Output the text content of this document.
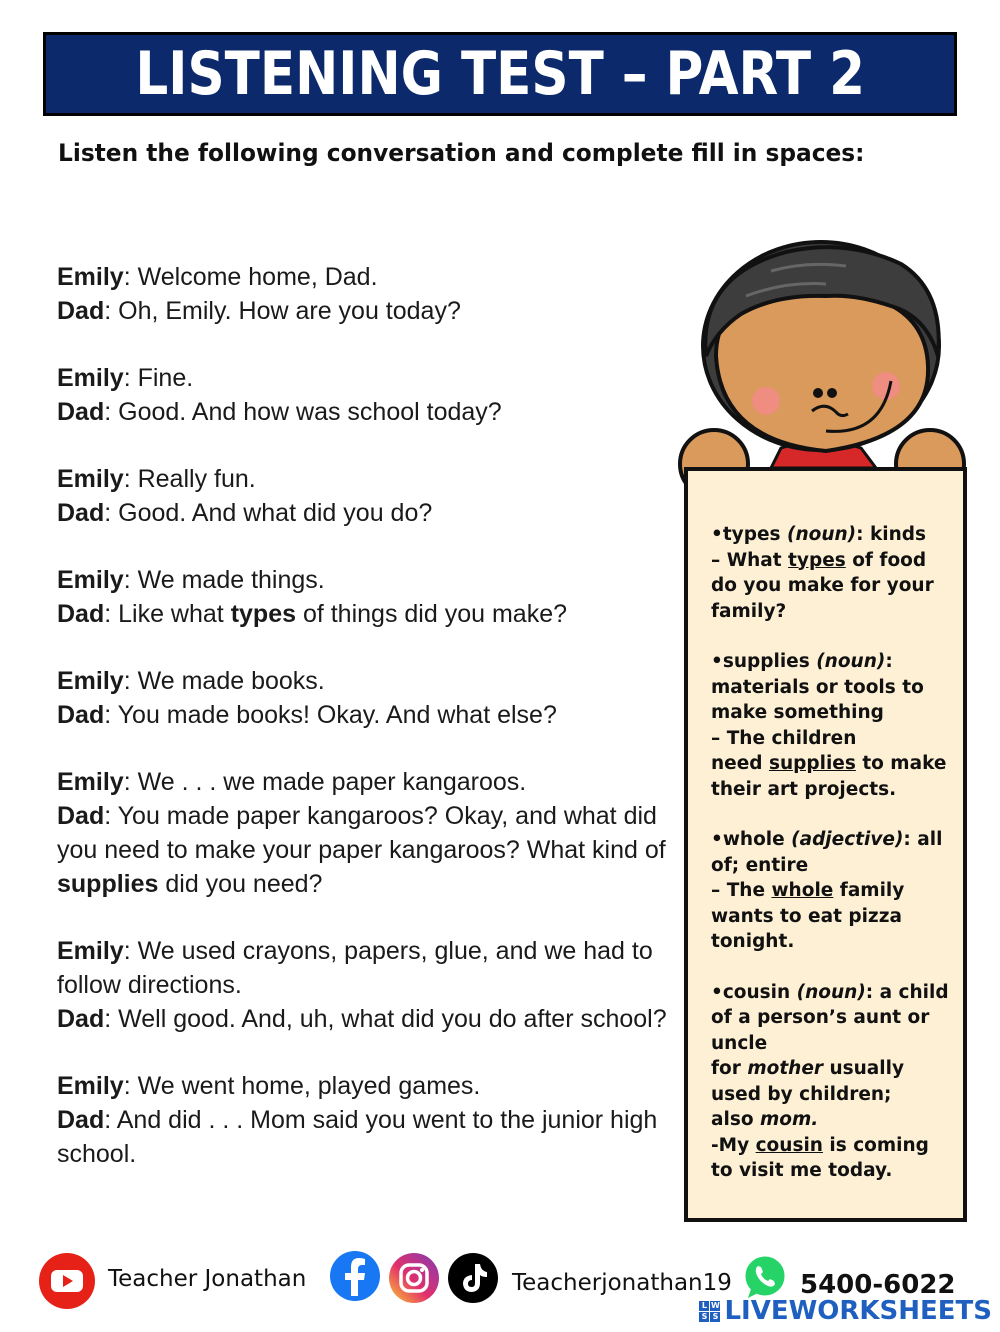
LISTENING TEST – PART 2
Listen the following conversation and complete fill in spaces:
Emily: Welcome home, Dad.
Dad: Oh, Emily. How are you today?
Emily: Fine.
Dad: Good. And how was school today?
Emily: Really fun.
Dad: Good. And what did you do?
Emily: We made things.
Dad: Like what types of things did you make?
Emily: We made books.
Dad: You made books! Okay. And what else?
Emily: We . . . we made paper kangaroos.
Dad: You made paper kangaroos? Okay, and what did you need to make your paper kangaroos? What kind of supplies did you need?
Emily: We used crayons, papers, glue, and we had to follow directions.
Dad: Well good. And, uh, what did you do after school?
Emily: We went home, played games.
Dad: And did . . . Mom said you went to the junior high school.
•types (noun): kinds
– What types of food
do you make for your
family?
•supplies (noun):
materials or tools to
make something
– The children
need supplies to make
their art projects.
•whole (adjective): all
of; entire
– The whole family
wants to eat pizza
tonight.
•cousin (noun): a child
of a person’s aunt or
uncle
for mother usually
used by children;
also mom.
-My cousin is coming
to visit me today.
Teacher Jonathan	Teacherjonathan19	5400-6022
L W
S S LIVEWORKSHEETS
